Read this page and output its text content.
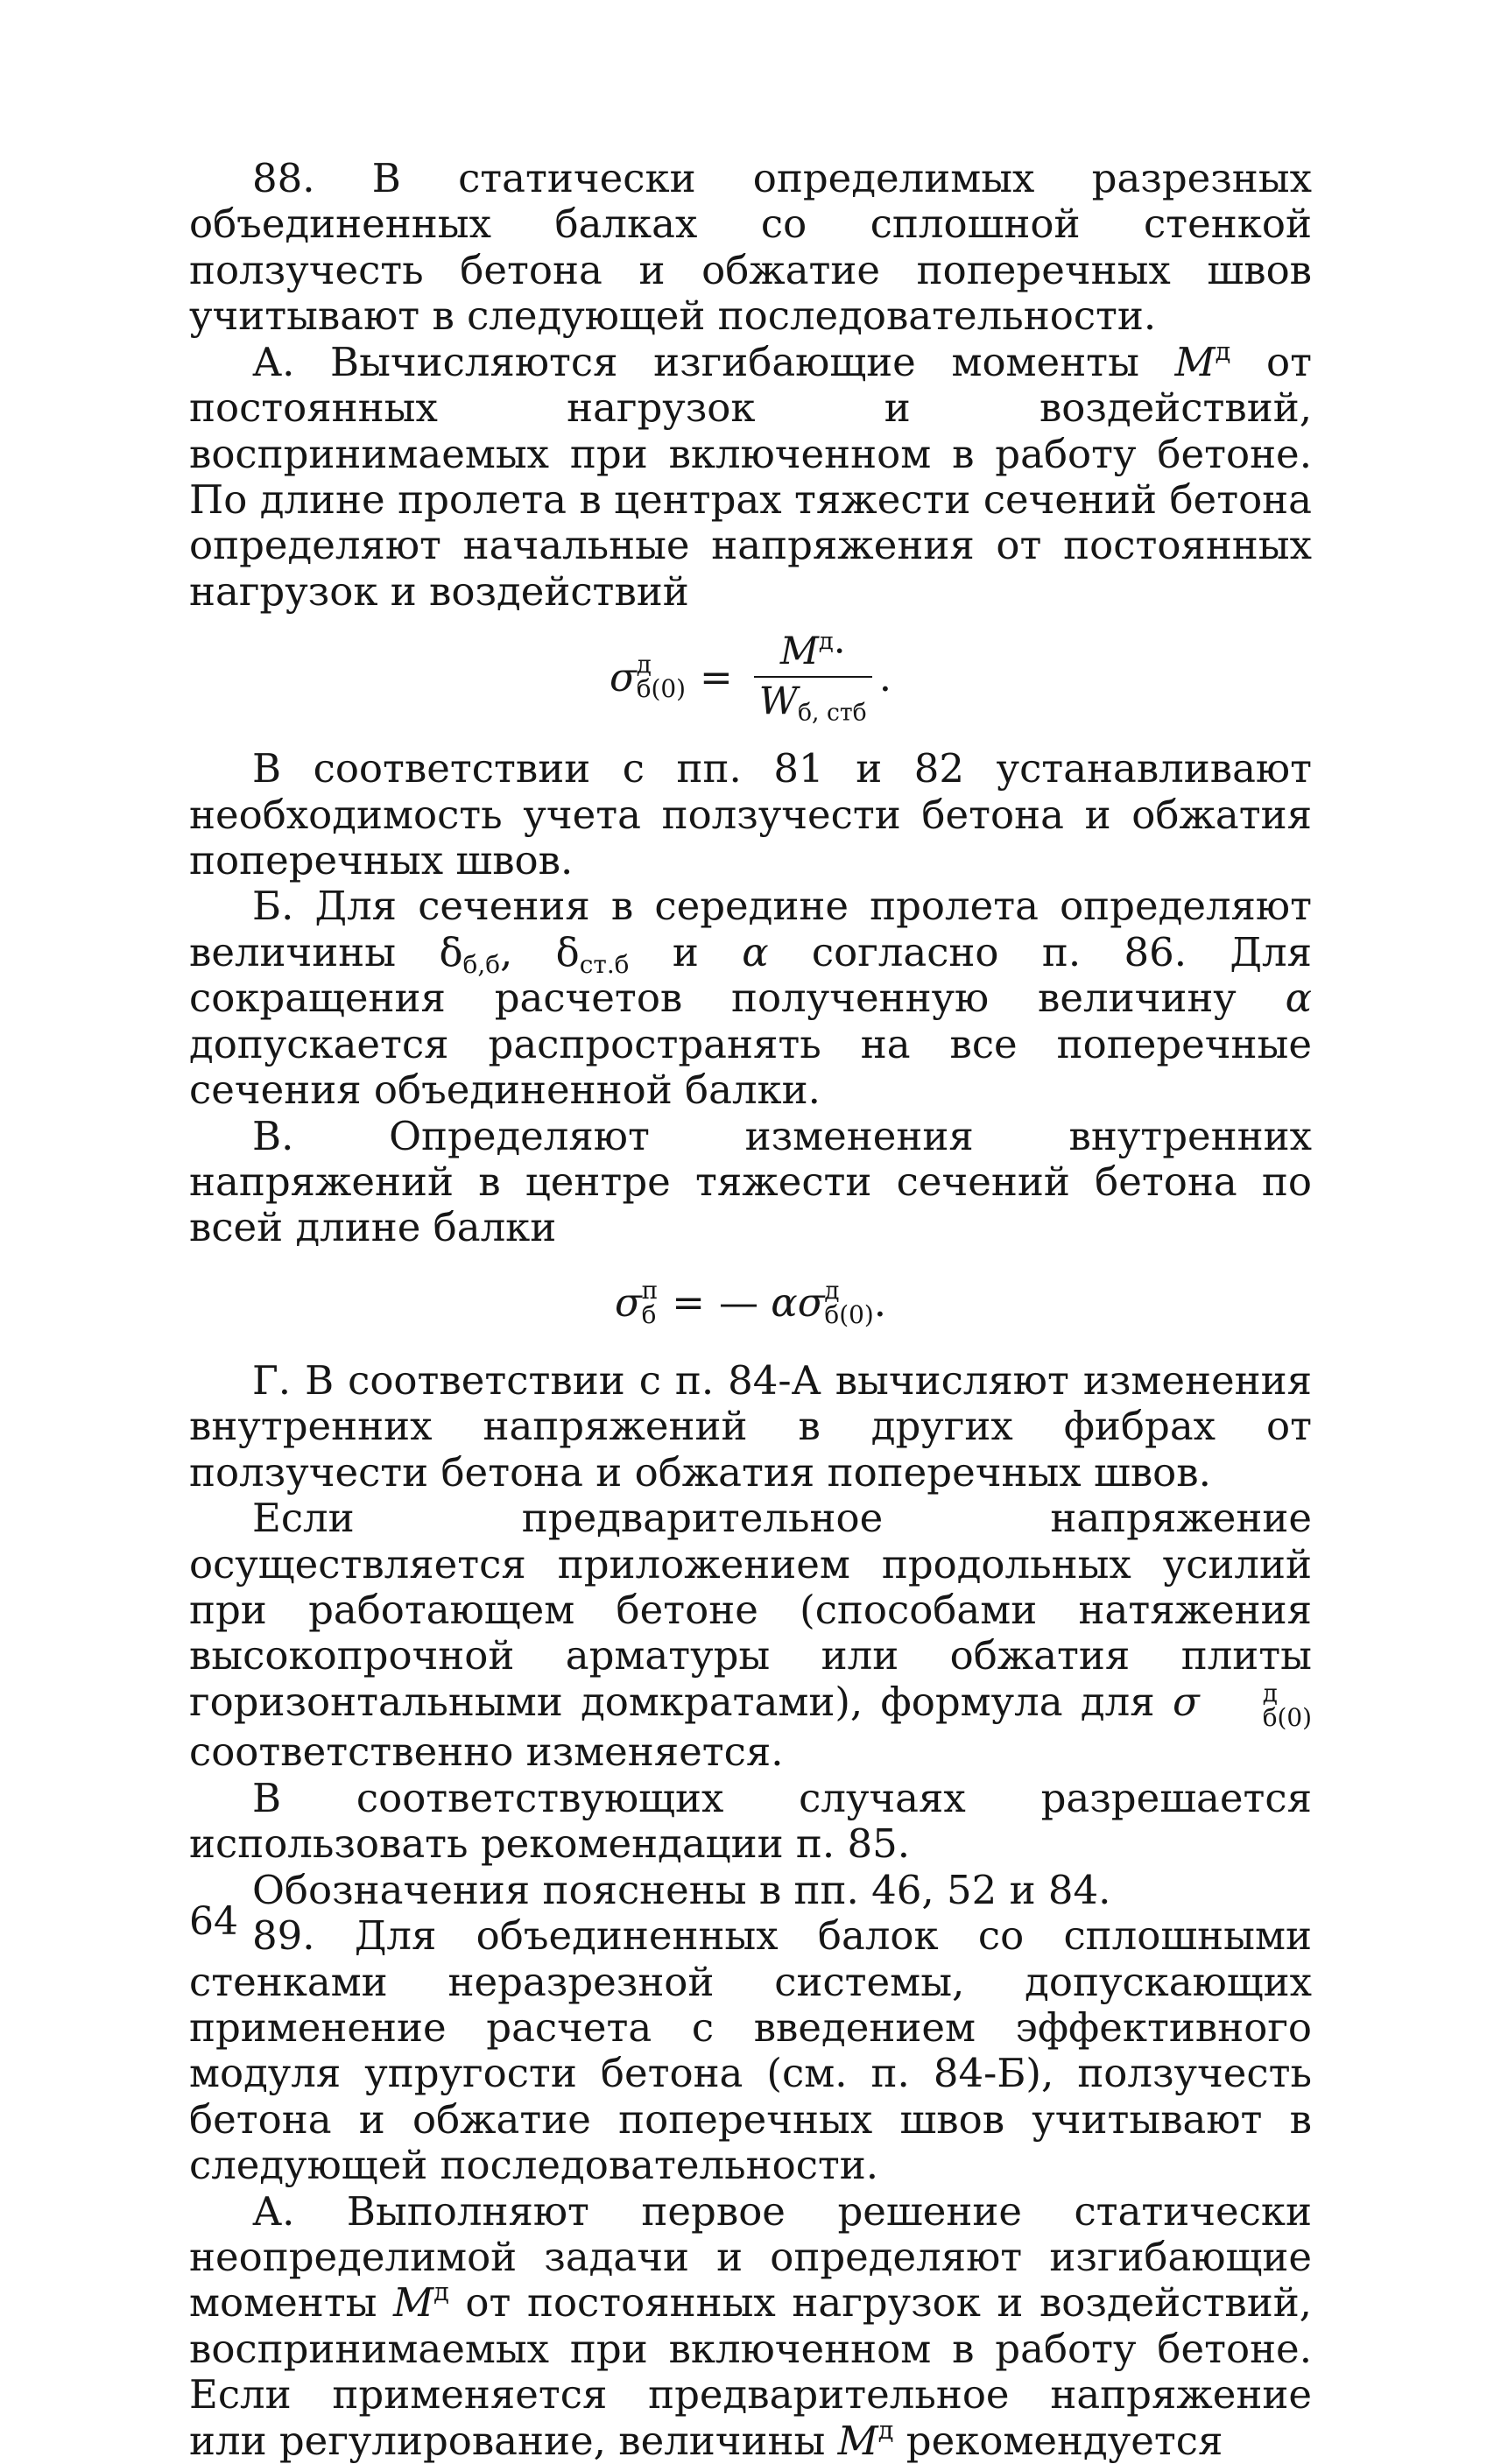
88. В статически определимых разрезных объединенных балках со сплошной стенкой ползучесть бетона и обжатие поперечных швов учитывают в следующей последовательности.

А. Вычисляются изгибающие моменты $M^д$ от постоянных нагрузок и воздействий, воспринимаемых при включенном в работу бетоне. По длине пролета в центрах тяжести сечений бетона определяют начальные напряжения от постоянных нагрузок и воздействий

σ д
$б(0) = \frac{M^д\cdot}{W_{б, стб}}$ .

В соответствии с пп. 81 и 82 устанавливают необходимость учета ползучести бетона и обжатия поперечных швов.

Б. Для сечения в середине пролета определяют величины $\delta_{б,б}$, $\delta_{ст.б}$ и α согласно п. 86. Для сокращения расчетов полученную величину α допускается распространять на все поперечные сечения объединенной балки.

В. Определяют изменения внутренних напряжений в центре тяжести сечений бетона по всей длине балки

σ п
б = —
α σ д
б(0) .

Г. В соответствии с п. 84-А вычисляют изменения внутренних напряжений в других фибрах от ползучести бетона и обжатия поперечных швов.

Если предварительное напряжение осуществляется приложением продольных усилий при работающем бетоне (способами натяжения высокопрочной арматуры или обжатия плиты горизонтальными домкратами), формула для σ	д
б(0)
соответственно изменяется.

В соответствующих случаях разрешается использовать рекомендации п. 85.

Обозначения пояснены в пп. 46, 52 и 84.

89. Для объединенных балок со сплошными стенками неразрезной системы, допускающих применение расчета с введением эффективного модуля упругости бетона (см. п. 84-Б), ползучесть бетона и обжатие поперечных швов учитывают в следующей последовательности.

А. Выполняют первое решение статически неопределимой задачи и определяют изгибающие моменты $M^д$ от постоянных нагрузок и воздействий, воспринимаемых при включенном в работу бетоне. Если применяется предварительное напряжение или регулирование, величины $M^д$ рекомендуется

64
